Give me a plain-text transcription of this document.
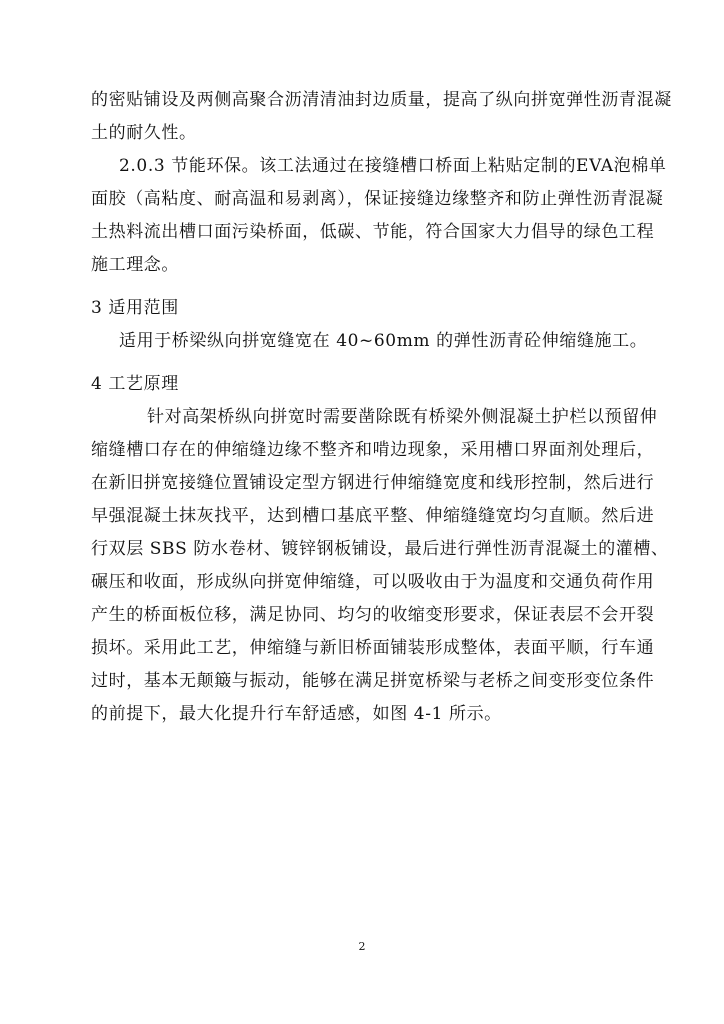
的密贴铺设及两侧高聚合沥清清油封边质量，提高了纵向拼宽弹性沥青混凝
土的耐久性。
2.0.3 节能环保。该工法通过在接缝槽口桥面上粘贴定制的EVA泡棉单
面胶（高粘度、耐高温和易剥离），保证接缝边缘整齐和防止弹性沥青混凝
土热料流出槽口面污染桥面，低碳、节能，符合国家大力倡导的绿色工程
施工理念。
3 适用范围
适用于桥梁纵向拼宽缝宽在 40~60mm 的弹性沥青砼伸缩缝施工。
4 工艺原理
针对高架桥纵向拼宽时需要凿除既有桥梁外侧混凝土护栏以预留伸
缩缝槽口存在的伸缩缝边缘不整齐和啃边现象，采用槽口界面剂处理后，
在新旧拼宽接缝位置铺设定型方钢进行伸缩缝宽度和线形控制，然后进行
早强混凝土抹灰找平，达到槽口基底平整、伸缩缝缝宽均匀直顺。然后进
行双层 SBS 防水卷材、镀锌钢板铺设，最后进行弹性沥青混凝土的灌槽、
碾压和收面，形成纵向拼宽伸缩缝，可以吸收由于为温度和交通负荷作用
产生的桥面板位移，满足协同、均匀的收缩变形要求，保证表层不会开裂
损坏。采用此工艺，伸缩缝与新旧桥面铺装形成整体，表面平顺，行车通
过时，基本无颠簸与振动，能够在满足拼宽桥梁与老桥之间变形变位条件
的前提下，最大化提升行车舒适感，如图 4-1 所示。
2
